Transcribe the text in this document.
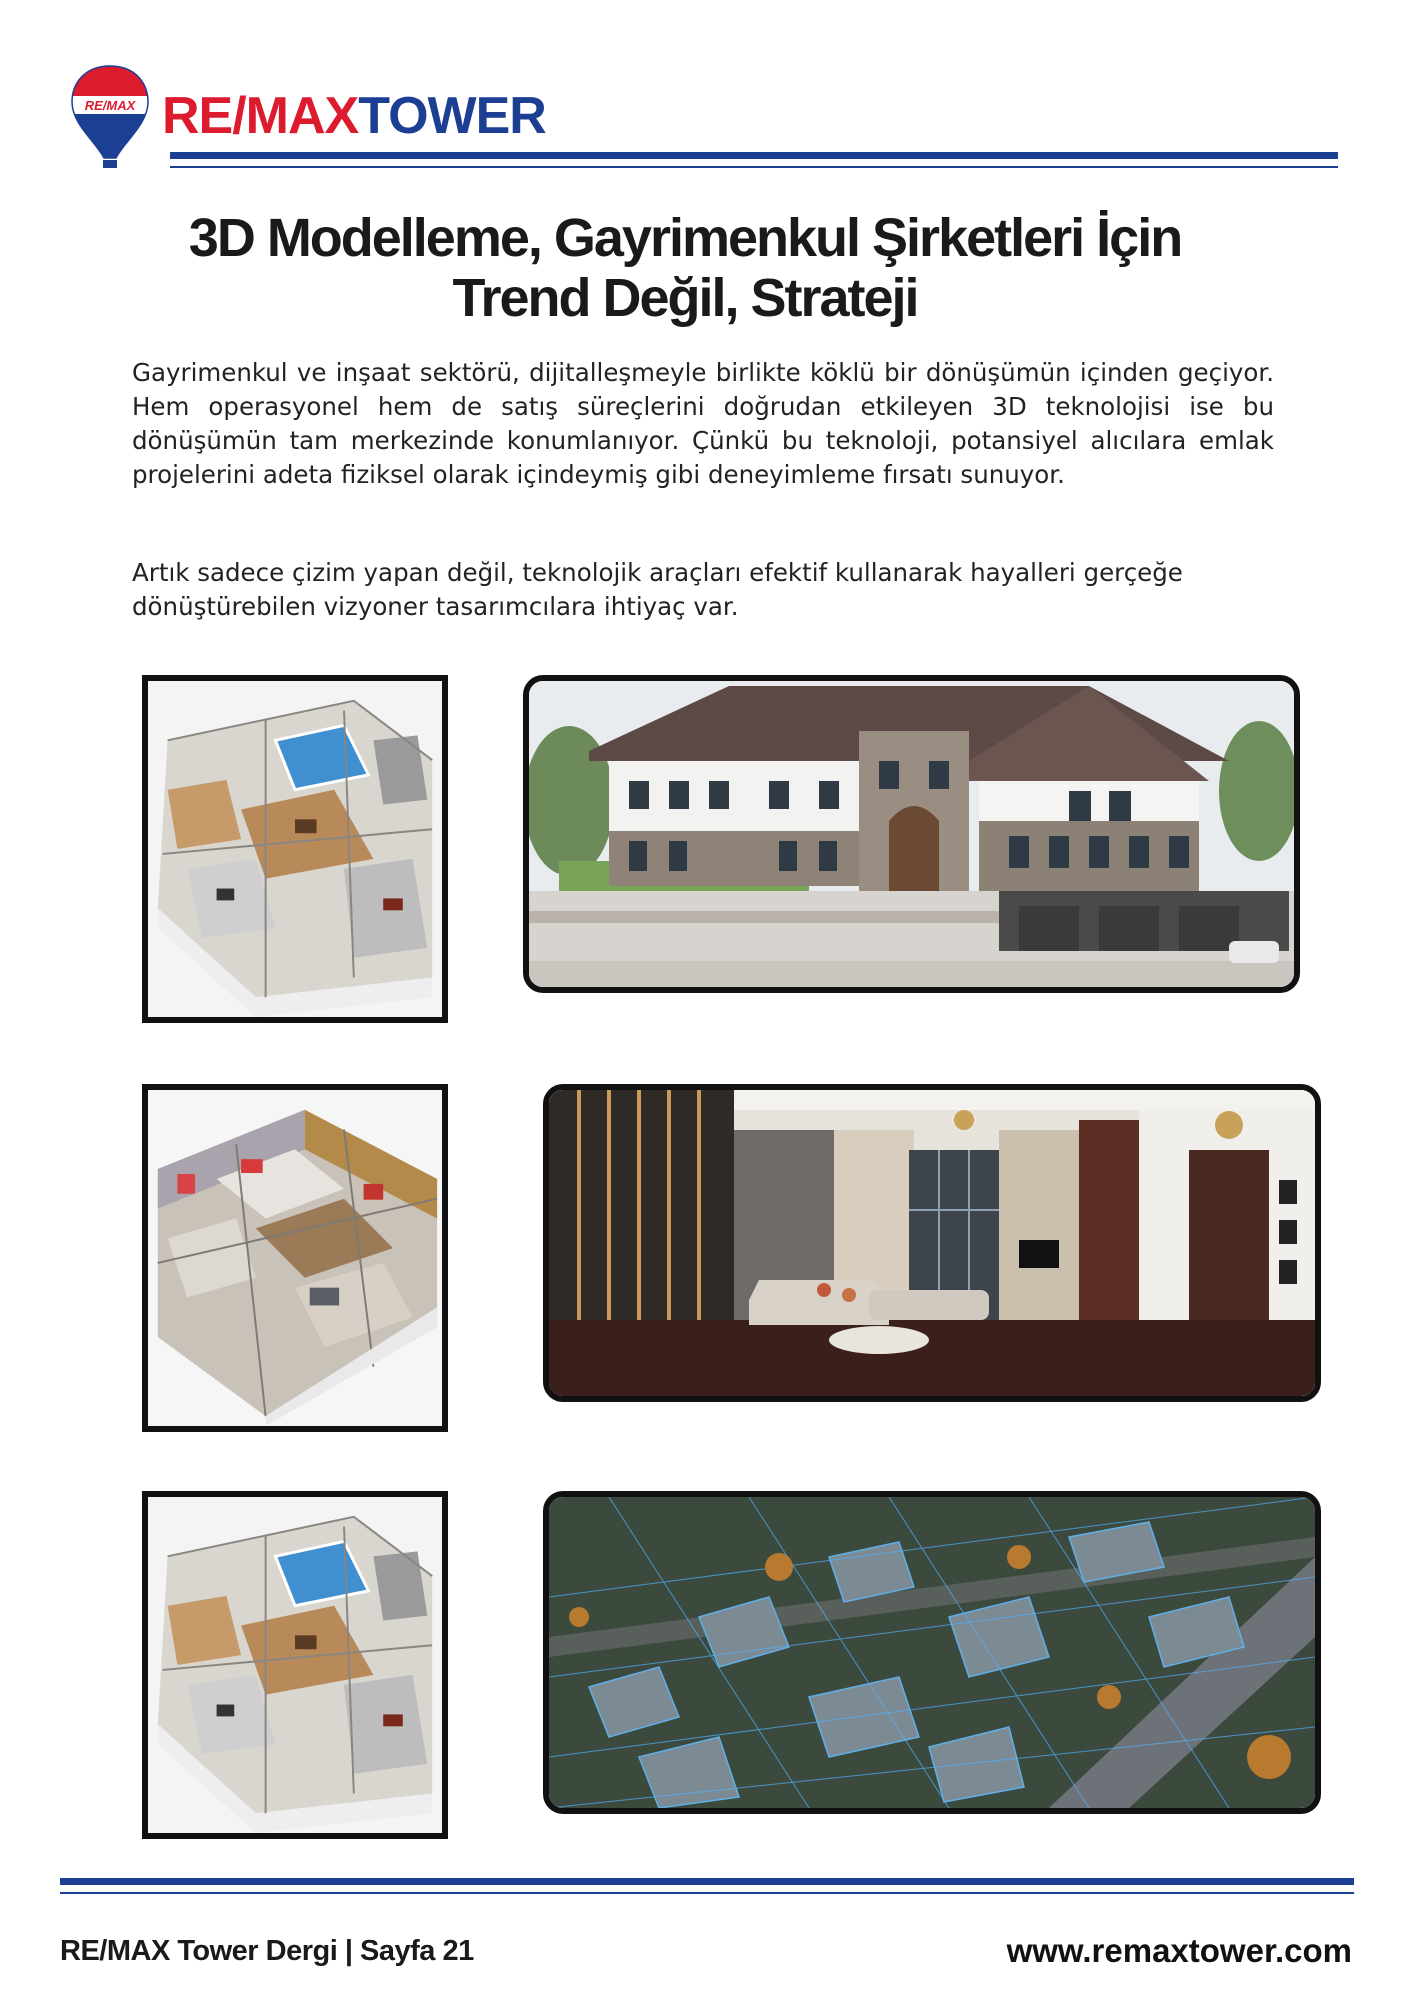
RE/MAX RE/MAXTOWER
3D Modelleme, Gayrimenkul Şirketleri İçin
Trend Değil, Strateji

Gayrimenkul ve inşaat sektörü, dijitalleşmeyle birlikte köklü bir dönüşümün içinden geçiyor. Hem operasyonel hem de satış süreçlerini doğrudan etkileyen 3D teknolojisi ise bu dönüşümün tam merkezinde konumlanıyor. Çünkü bu teknoloji, potansiyel alıcılara emlak projelerini adeta fiziksel olarak içindeymiş gibi deneyimleme fırsatı sunuyor.

Artık sadece çizim yapan değil, teknolojik araçları efektif kullanarak hayalleri gerçeğe dönüştürebilen vizyoner tasarımcılara ihtiyaç var.

RE/MAX Tower Dergi | Sayfa 21	www.remaxtower.com
